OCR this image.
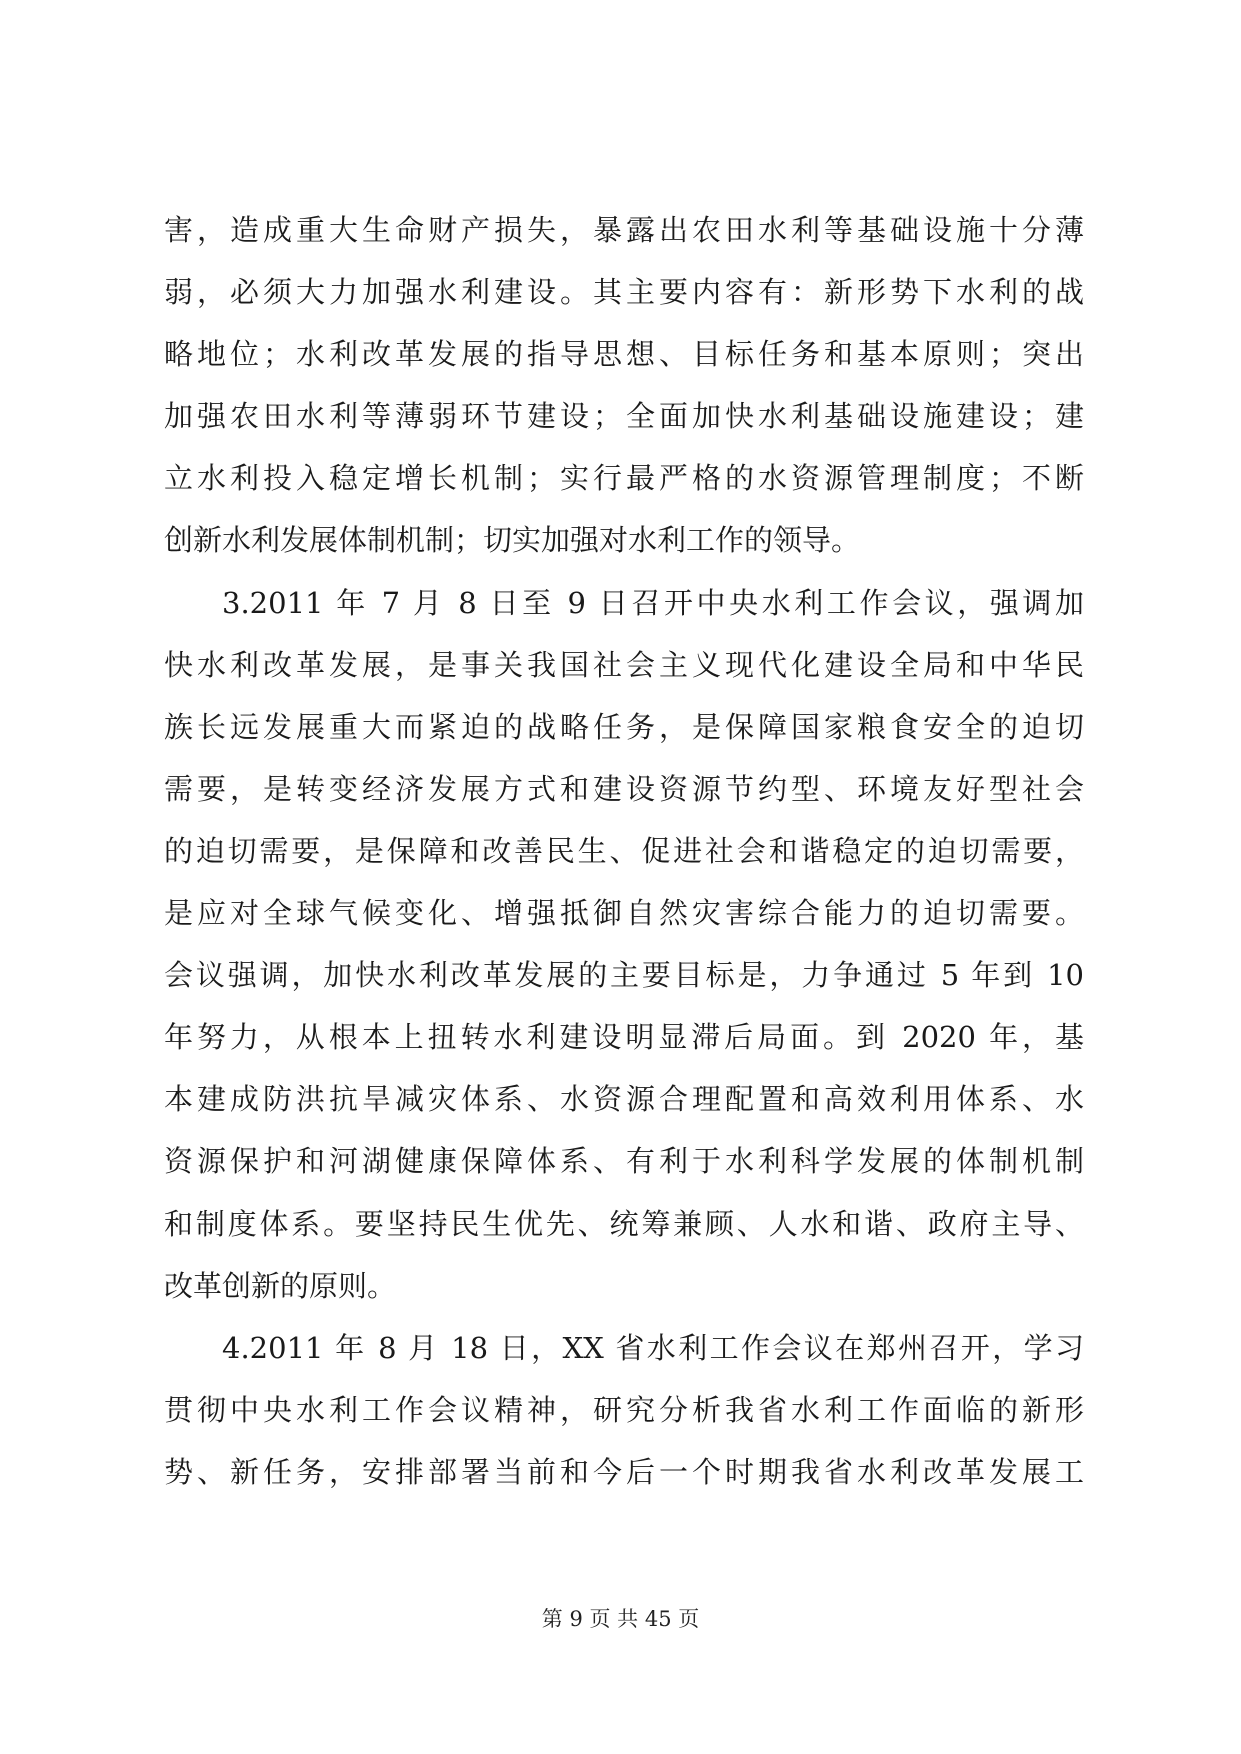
害，造成重大生命财产损失，暴露出农田水利等基础设施十分薄
弱，必须大力加强水利建设。其主要内容有：新形势下水利的战
略地位；水利改革发展的指导思想、目标任务和基本原则；突出
加强农田水利等薄弱环节建设；全面加快水利基础设施建设；建
立水利投入稳定增长机制；实行最严格的水资源管理制度；不断
创新水利发展体制机制；切实加强对水利工作的领导。
3.2011 年 7 月 8 日至 9 日召开中央水利工作会议，强调加
快水利改革发展，是事关我国社会主义现代化建设全局和中华民
族长远发展重大而紧迫的战略任务，是保障国家粮食安全的迫切
需要，是转变经济发展方式和建设资源节约型、环境友好型社会
的迫切需要，是保障和改善民生、促进社会和谐稳定的迫切需要，
是应对全球气候变化、增强抵御自然灾害综合能力的迫切需要。
会议强调，加快水利改革发展的主要目标是，力争通过 5 年到 10
年努力，从根本上扭转水利建设明显滞后局面。到 2020 年，基
本建成防洪抗旱减灾体系、水资源合理配置和高效利用体系、水
资源保护和河湖健康保障体系、有利于水利科学发展的体制机制
和制度体系。要坚持民生优先、统筹兼顾、人水和谐、政府主导、
改革创新的原则。
4.2011 年 8 月 18 日，XX 省水利工作会议在郑州召开，学习
贯彻中央水利工作会议精神，研究分析我省水利工作面临的新形
势、新任务，安排部署当前和今后一个时期我省水利改革发展工
第 9 页 共 45 页
